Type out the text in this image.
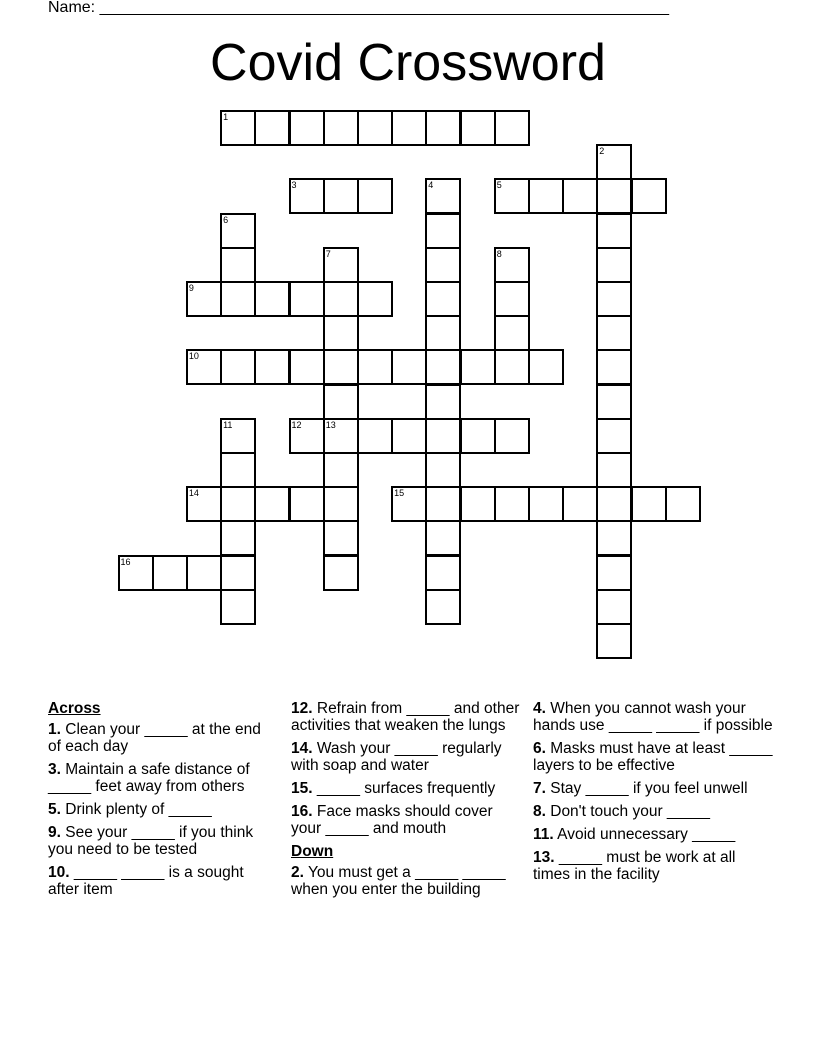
Name: ________________________________________________________________
Covid Crossword
1
2
3	4	5
6
7	8
9
10
11	12	13
14	15
16
Across
1. Clean your _____ at the end of each day
3. Maintain a safe distance of _____ feet away from others
5. Drink plenty of _____
9. See your _____ if you think you need to be tested
10. _____ _____ is a sought after item
12. Refrain from _____ and other activities that weaken the lungs
14. Wash your _____ regularly with soap and water
15. _____ surfaces frequently
16. Face masks should cover your _____ and mouth
Down
2. You must get a _____ _____ when you enter the building
4. When you cannot wash your hands use _____ _____ if possible
6. Masks must have at least _____ layers to be effective
7. Stay _____ if you feel unwell
8. Don't touch your _____
11. Avoid unnecessary _____
13. _____ must be work at all times in the facility
